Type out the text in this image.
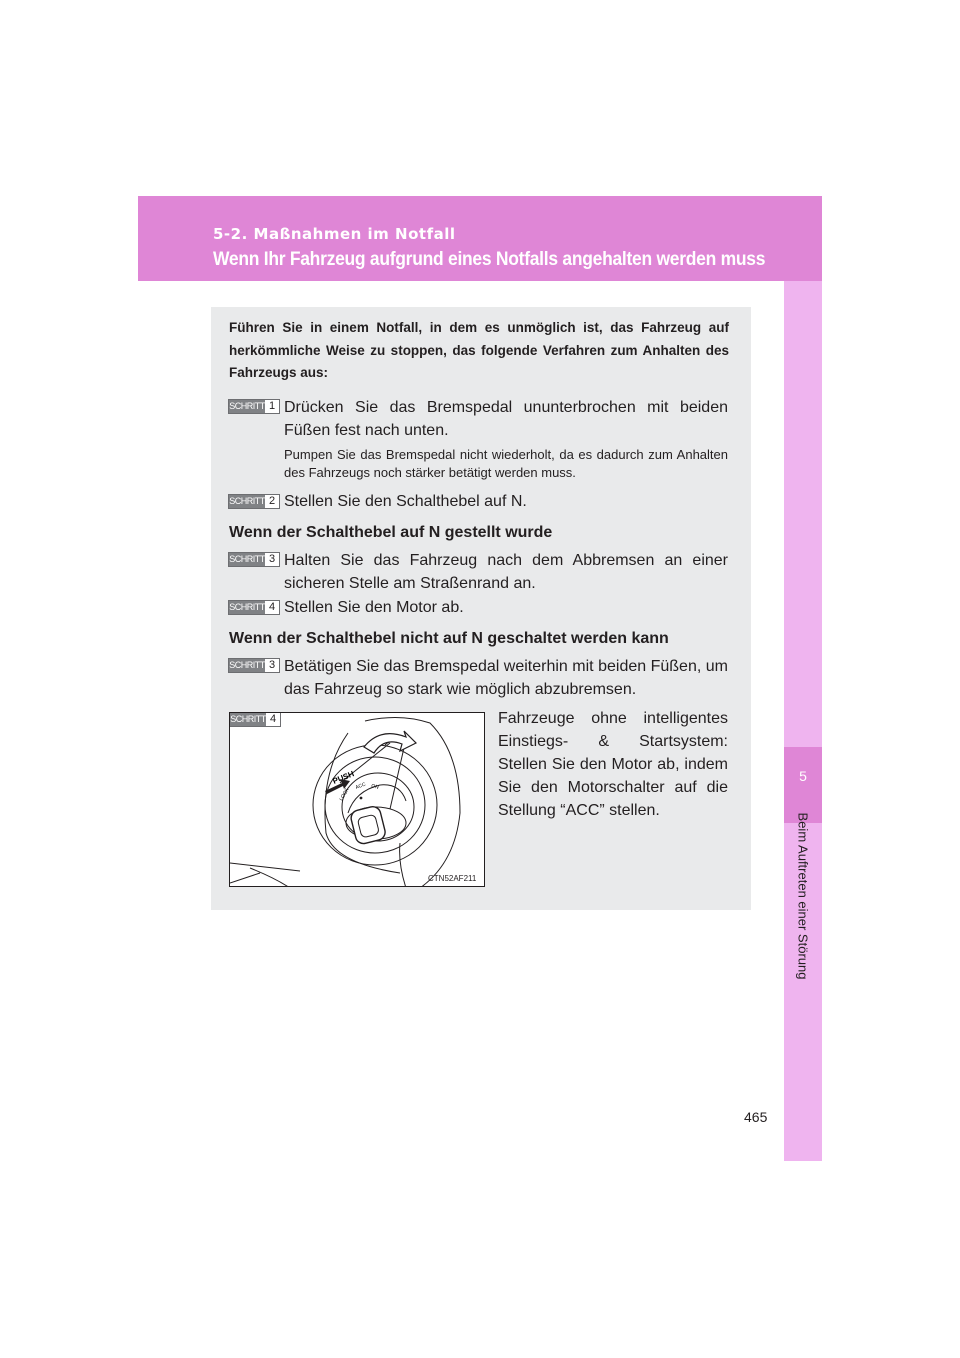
5-2. Maßnahmen im Notfall
Wenn Ihr Fahrzeug aufgrund eines Notfalls angehalten werden muss
5
Beim Auftreten einer Störung
Führen Sie in einem Notfall, in dem es unmöglich ist, das Fahrzeug auf herkömmliche Weise zu stoppen, das folgende Verfahren zum Anhalten des Fahrzeugs aus:
SCHRITT 1 Drücken Sie das Bremspedal ununterbrochen mit beiden Füßen fest nach unten.
Pumpen Sie das Bremspedal nicht wiederholt, da es dadurch zum Anhalten des Fahrzeugs noch stärker betätigt werden muss.
SCHRITT 2 Stellen Sie den Schalthebel auf N.
Wenn der Schalthebel auf N gestellt wurde
SCHRITT 3 Halten Sie das Fahrzeug nach dem Abbremsen an einer sicheren Stelle am Straßenrand an.
SCHRITT 4 Stellen Sie den Motor ab.
Wenn der Schalthebel nicht auf N geschaltet werden kann
SCHRITT 3 Betätigen Sie das Bremspedal weiterhin mit beiden Füßen, um das Fahrzeug so stark wie möglich abzubremsen.
PUSH
LOCK
ACC ON
SCHRITT 4
CTN52AF211
Fahrzeuge ohne intelligentes Einstiegs- & Startsystem: Stellen Sie den Motor ab, indem Sie den Motorschalter auf die Stellung “ACC” stellen.
465
